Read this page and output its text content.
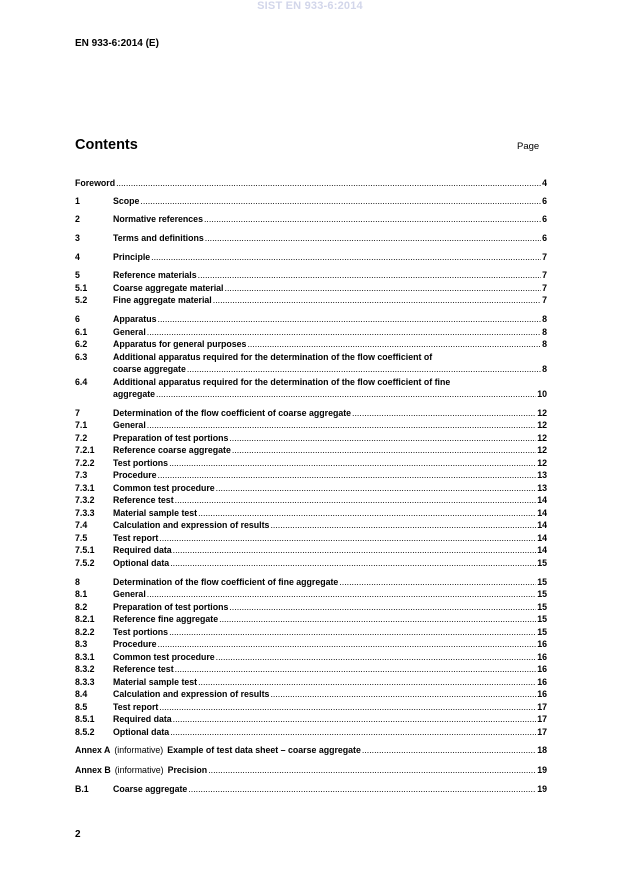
SIST EN 933-6:2014
EN 933-6:2014 (E)
Contents	Page
Foreword .....	4
1	Scope .....	6
2	Normative references .....	6
3	Terms and definitions .....	6
4	Principle .....	7
5	Reference materials .....	7
5.1	Coarse aggregate material .....	7
5.2	Fine aggregate material .....	7
6	Apparatus .....	8
6.1	General .....	8
6.2	Apparatus for general purposes .....	8
6.3	Additional apparatus required for the determination of the flow coefficient of
coarse aggregate .....	8
6.4	Additional apparatus required for the determination of the flow coefficient of fine
aggregate .....	10
7	Determination of the flow coefficient of coarse aggregate .....	12
7.1	General .....	12
7.2	Preparation of test portions .....	12
7.2.1	Reference coarse aggregate .....	12
7.2.2	Test portions .....	12
7.3	Procedure .....	13
7.3.1	Common test procedure .....	13
7.3.2	Reference test .....	14
7.3.3	Material sample test .....	14
7.4	Calculation and expression of results .....	14
7.5	Test report .....	14
7.5.1	Required data .....	14
7.5.2	Optional data .....	15
8	Determination of the flow coefficient of fine aggregate .....	15
8.1	General .....	15
8.2	Preparation of test portions .....	15
8.2.1	Reference fine aggregate .....	15
8.2.2	Test portions .....	15
8.3	Procedure .....	16
8.3.1	Common test procedure .....	16
8.3.2	Reference test .....	16
8.3.3	Material sample test .....	16
8.4	Calculation and expression of results .....	16
8.5	Test report .....	17
8.5.1	Required data .....	17
8.5.2	Optional data .....	17
Annex A (informative) Example of test data sheet – coarse aggregate .....	18
Annex B (informative) Precision .....	19
B.1	Coarse aggregate .....	19
2
